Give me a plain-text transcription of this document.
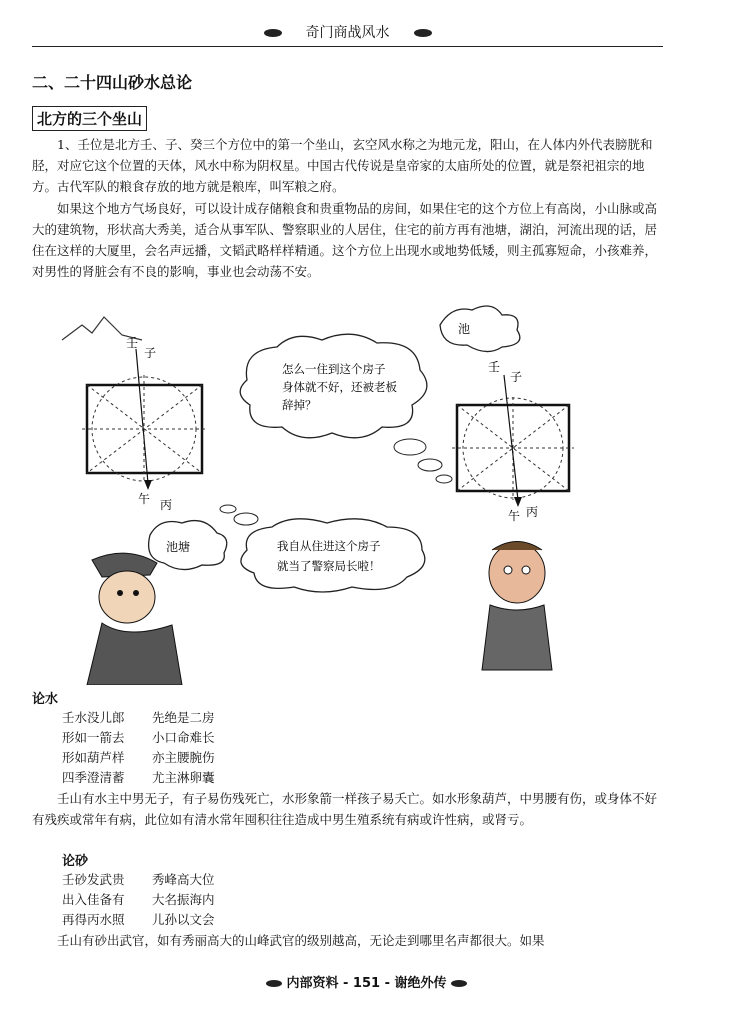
奇门商战风水
二、二十四山砂水总论
北方的三个坐山

1、壬位是北方壬、子、癸三个方位中的第一个坐山，玄空风水称之为地元龙，阳山，在人体内外代表膀胱和胫，对应它这个位置的天体，风水中称为阴权星。中国古代传说是皇帝家的太庙所处的位置，就是祭祀祖宗的地方。古代军队的粮食存放的地方就是粮库，叫军粮之府。

如果这个地方气场良好，可以设计成存储粮食和贵重物品的房间，如果住宅的这个方位上有高岗，小山脉或高大的建筑物，形状高大秀美，适合从事军队、警察职业的人居住，住宅的前方再有池塘，湖泊，河流出现的话，居住在这样的大厦里，会名声远播，文韬武略样样精通。这个方位上出现水或地势低矮，则主孤寡短命，小孩难养，对男性的肾脏会有不良的影响，事业也会动荡不安。

壬
子
午 丙
怎么一住到这个房子
身体就不好，还被老板
辞掉？
池
壬
子
午 丙
池塘	我自从住进这个房子
就当了警察局长啦！
论水
壬水没儿郎 先绝是二房
形如一箭去 小口命难长
形如葫芦样 亦主腰腕伤
四季澄清蓄 尤主淋卵囊

壬山有水主中男无子，有子易伤残死亡，水形象箭一样孩子易夭亡。如水形象葫芦，中男腰有伤，或身体不好有残疾或常年有病，此位如有清水常年囤积往往造成中男生殖系统有病或许性病，或肾亏。

论砂
壬砂发武贵 秀峰高大位
出入佳备有 大名振海内
再得丙水照 儿孙以文会

壬山有砂出武官，如有秀丽高大的山峰武官的级别越高，无论走到哪里名声都很大。如果

内部资料 - 151 - 谢绝外传
